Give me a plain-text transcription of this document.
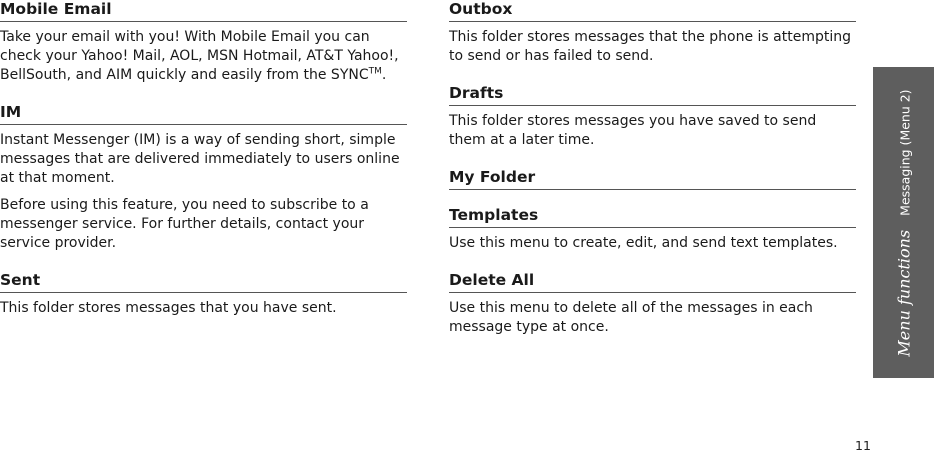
Mobile Email

Take your email with you! With Mobile Email you can check your Yahoo! Mail, AOL, MSN Hotmail, AT&T Yahoo!, BellSouth, and AIM quickly and easily from the SYNC™.

IM

Instant Messenger (IM) is a way of sending short, simple messages that are delivered immediately to users online at that moment.

Before using this feature, you need to subscribe to a messenger service. For further details, contact your service provider.

Sent

This folder stores messages that you have sent.

Outbox

This folder stores messages that the phone is attempting to send or has failed to send.

Drafts

This folder stores messages you have saved to send them at a later time.

My Folder
Templates

Use this menu to create, edit, and send text templates.

Delete All

Use this menu to delete all of the messages in each message type at once.	Menu functionsMessaging (Menu 2)
11
